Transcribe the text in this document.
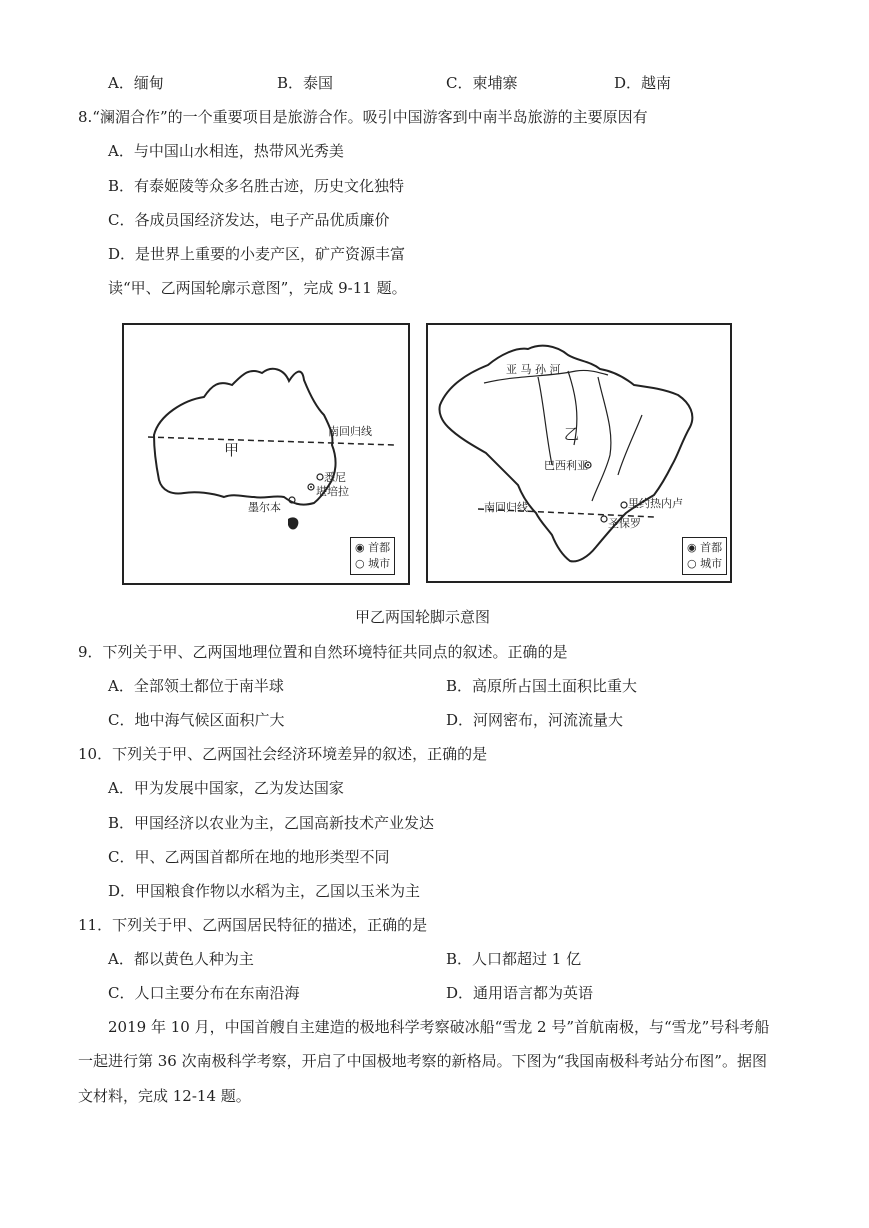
A．缅甸	B．泰国	C．柬埔寨	D．越南
8.“澜湄合作”的一个重要项目是旅游合作。吸引中国游客到中南半岛旅游的主要原因有
A．与中国山水相连，热带风光秀美
B．有泰姬陵等众多名胜古迹，历史文化独特
C．各成员国经济发达，电子产品优质廉价
D．是世界上重要的小麦产区，矿产资源丰富
读“甲、乙两国轮廓示意图”，完成 9-11 题。
甲
南回归线
悉尼
堪培拉
墨尔本
◉ 首都
○ 城市
亚 马 孙 河
乙
巴西利亚
里约热内卢
圣保罗
南回归线
◉ 首都
○ 城市
甲乙两国轮脚示意图
9．下列关于甲、乙两国地理位置和自然环境特征共同点的叙述。正确的是
A．全部领土都位于南半球	B．高原所占国土面积比重大
C．地中海气候区面积广大	D．河网密布，河流流量大
10．下列关于甲、乙两国社会经济环境差异的叙述，正确的是
A．甲为发展中国家，乙为发达国家
B．甲国经济以农业为主，乙国高新技术产业发达
C．甲、乙两国首都所在地的地形类型不同
D．甲国粮食作物以水稻为主，乙国以玉米为主
11．下列关于甲、乙两国居民特征的描述，正确的是
A．都以黄色人种为主	B．人口都超过 1 亿
C．人口主要分布在东南沿海	D．通用语言都为英语
2019 年 10 月，中国首艘自主建造的极地科学考察破冰船“雪龙 2 号”首航南极，与“雪龙”号科考船
一起进行第 36 次南极科学考察，开启了中国极地考察的新格局。下图为“我国南极科考站分布图”。据图
文材料，完成 12-14 题。
